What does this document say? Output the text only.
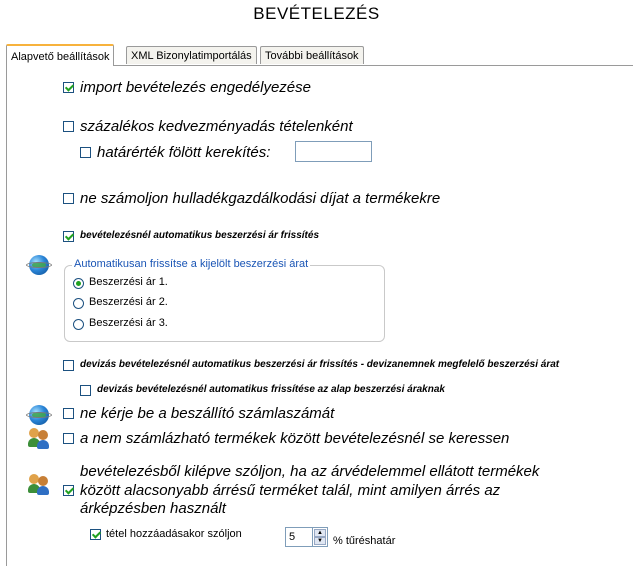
BEVÉTELEZÉS
Alapvető beállítások	XML Bizonylatimportálás	További beállítások
import bevételezés engedélyezése
százalékos kedvezményadás tételenként
határérték fölött kerekítés:
ne számoljon hulladékgazdálkodási díjat a termékekre
bevételezésnél automatikus beszerzési ár frissítés
Automatikusan frissítse a kijelölt beszerzési árat
Beszerzési ár 1.
Beszerzési ár 2.
Beszerzési ár 3.
devizás bevételezésnél automatikus beszerzési ár frissítés - devizanemnek megfelelő beszerzési árat
devizás bevételezésnél automatikus frissítése az alap beszerzési áraknak
ne kérje be a beszállító számlaszámát
a nem számlázható termékek között bevételezésnél se keressen
bevételezésből kilépve szóljon, ha az árvédelemmel ellátott termékek
között alacsonyabb árrésű terméket talál, mint amilyen árrés az
árképzésben használt
tétel hozzáadásakor szóljon
5	▲
▼ % tűréshatár
